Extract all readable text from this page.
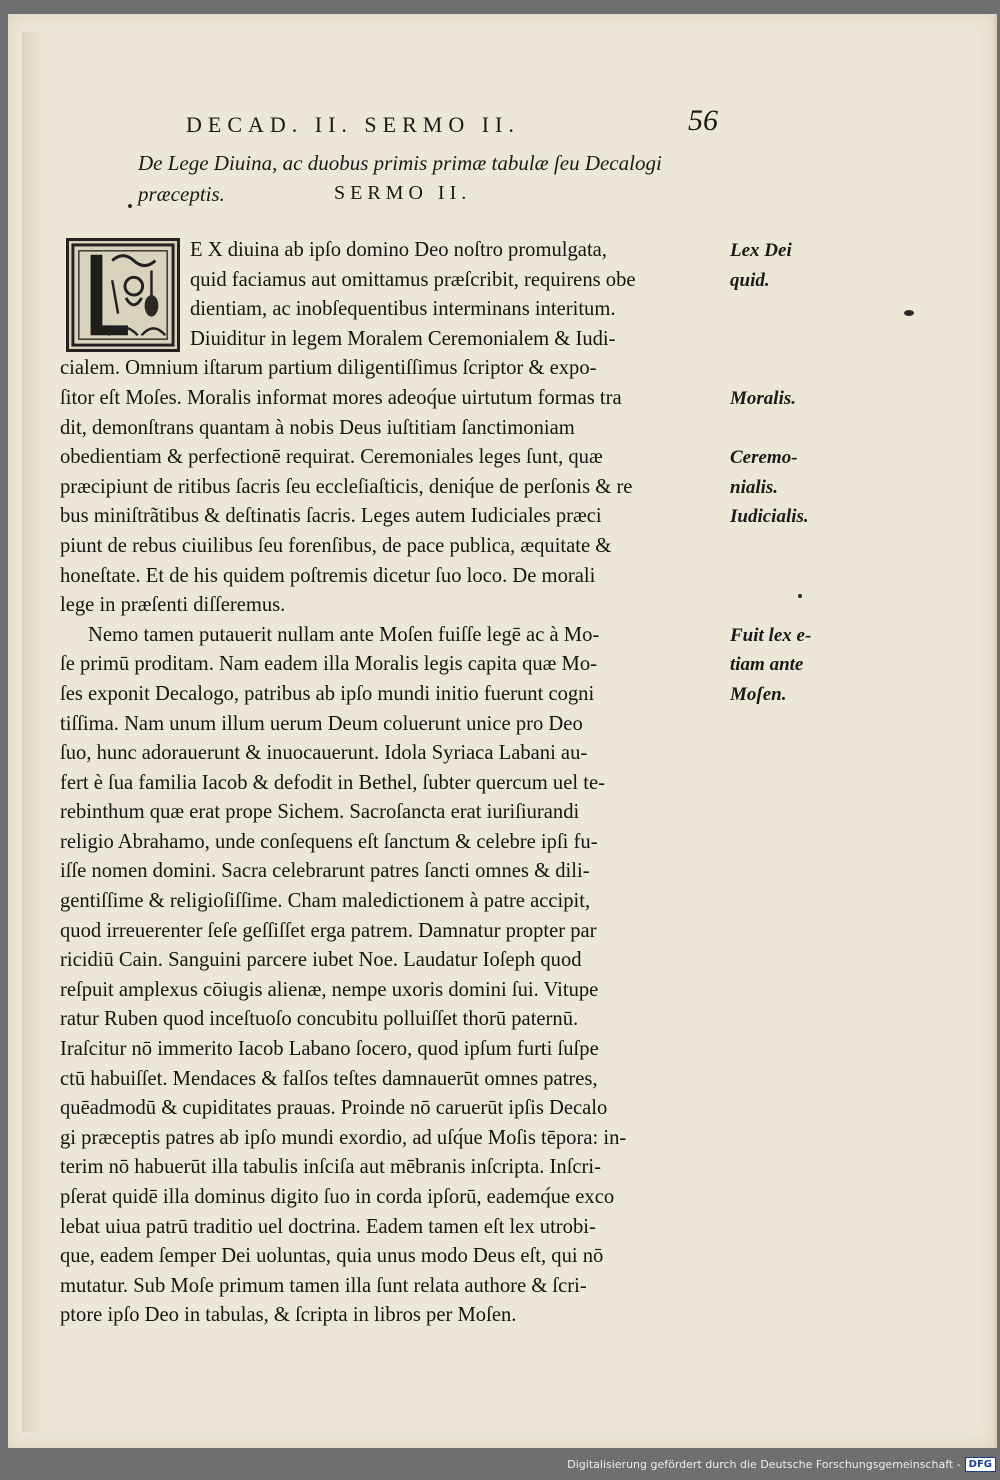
DECAD. II. SERMO II.	56
De Lege Diuina, ac duobus primis primæ tabulæ ſeu Decalogi
præceptis.	SERMO II.
E X diuina ab ipſo domino Deo noſtro promulgata,
quid faciamus aut omittamus præſcribit, requirens obe
dientiam, ac inobſequentibus interminans interitum.
Diuiditur in legem Moralem Ceremonialem & Iudi-
cialem. Omnium iſtarum partium diligentiſſimus ſcriptor & expo-
ſitor eſt Moſes. Moralis informat mores adeoq́ue uirtutum formas tra
dit, demonſtrans quantam à nobis Deus iuſtitiam ſanctimoniam
obedientiam & perfectionē requirat. Ceremoniales leges ſunt, quæ
præcipiunt de ritibus ſacris ſeu eccleſiaſticis, deniq́ue de perſonis & re
bus miniſtrãtibus & deſtinatis ſacris. Leges autem Iudiciales præci
piunt de rebus ciuilibus ſeu forenſibus, de pace publica, æquitate &
honeſtate. Et de his quidem poſtremis dicetur ſuo loco. De morali
lege in præſenti diſſeremus.
Nemo tamen putauerit nullam ante Moſen fuiſſe legē ac à Mo-
ſe primū proditam. Nam eadem illa Moralis legis capita quæ Mo-
ſes exponit Decalogo, patribus ab ipſo mundi initio fuerunt cogni
tiſſima. Nam unum illum uerum Deum coluerunt unice pro Deo
ſuo, hunc adorauerunt & inuocauerunt. Idola Syriaca Labani au-
fert è ſua familia Iacob & defodit in Bethel, ſubter quercum uel te-
rebinthum quæ erat prope Sichem. Sacroſancta erat iuriſiurandi
religio Abrahamo, unde conſequens eſt ſanctum & celebre ipſi fu-
iſſe nomen domini. Sacra celebrarunt patres ſancti omnes & dili-
gentiſſime & religioſiſſime. Cham maledictionem à patre accipit,
quod irreuerenter ſeſe geſſiſſet erga patrem. Damnatur propter par
ricidiū Cain. Sanguini parcere iubet Noe. Laudatur Ioſeph quod
reſpuit amplexus cōiugis alienæ, nempe uxoris domini ſui. Vitupe
ratur Ruben quod inceſtuoſo concubitu polluiſſet thorū paternū.
Iraſcitur nō immerito Iacob Labano ſocero, quod ipſum furti ſuſpe
ctū habuiſſet. Mendaces & falſos teſtes damnauerūt omnes patres,
quēadmodū & cupiditates prauas. Proinde nō caruerūt ipſis Decalo
gi præceptis patres ab ipſo mundi exordio, ad uſq́ue Moſis tēpora: in-
terim nō habuerūt illa tabulis inſciſa aut mēbranis inſcripta. Inſcri-
pſerat quidē illa dominus digito ſuo in corda ipſorū, eademq́ue exco
lebat uiua patrū traditio uel doctrina. Eadem tamen eſt lex utrobi-
que, eadem ſemper Dei uoluntas, quia unus modo Deus eſt, qui nō
mutatur. Sub Moſe primum tamen illa ſunt relata authore & ſcri-
ptore ipſo Deo in tabulas, & ſcripta in libros per Moſen.
Lex Dei
quid.
Moralis.
Ceremo-
nialis.
Iudicialis.
Fuit lex e-
tiam ante
Moſen.
Digitalisierung gefördert durch die Deutsche Forschungsgemeinschaft - DFG
